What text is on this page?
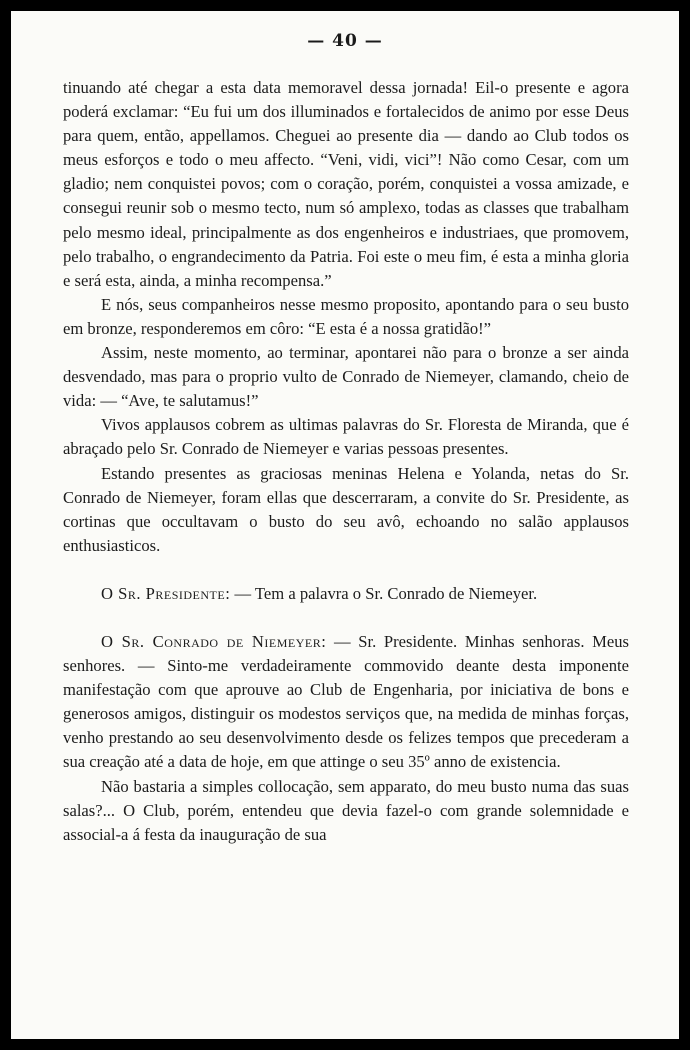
— 40 —

tinuando até chegar a esta data memoravel dessa jornada! Eil-o presente e agora poderá exclamar: “Eu fui um dos illuminados e fortalecidos de animo por esse Deus para quem, então, appellamos. Cheguei ao presente dia — dando ao Club todos os meus esforços e todo o meu affecto. “Veni, vidi, vici”! Não como Cesar, com um gladio; nem conquistei povos; com o coração, porém, conquistei a vossa amizade, e consegui reunir sob o mesmo tecto, num só amplexo, todas as classes que trabalham pelo mesmo ideal, principalmente as dos engenheiros e industriaes, que promovem, pelo trabalho, o engrandecimento da Patria. Foi este o meu fim, é esta a minha gloria e será esta, ainda, a minha recompensa.”

E nós, seus companheiros nesse mesmo proposito, apontando para o seu busto em bronze, responderemos em côro: “E esta é a nossa gratidão!”

Assim, neste momento, ao terminar, apontarei não para o bronze a ser ainda desvendado, mas para o proprio vulto de Conrado de Niemeyer, clamando, cheio de vida: — “Ave, te salutamus!”

Vivos applausos cobrem as ultimas palavras do Sr. Floresta de Miranda, que é abraçado pelo Sr. Conrado de Niemeyer e varias pessoas presentes.

Estando presentes as graciosas meninas Helena e Yolanda, netas do Sr. Conrado de Niemeyer, foram ellas que descerraram, a convite do Sr. Presidente, as cortinas que occultavam o busto do seu avô, echoando no salão applausos enthusiasticos.

O Sr. Presidente: — Tem a palavra o Sr. Conrado de Niemeyer.

O Sr. Conrado de Niemeyer: — Sr. Presidente. Minhas senhoras. Meus senhores. — Sinto-me verdadeiramente commovido deante desta imponente manifestação com que aprouve ao Club de Engenharia, por iniciativa de bons e generosos amigos, distinguir os modestos serviços que, na medida de minhas forças, venho prestando ao seu desenvolvimento desde os felizes tempos que precederam a sua creação até a data de hoje, em que attinge o seu 35º anno de existencia.

Não bastaria a simples collocação, sem apparato, do meu busto numa das suas salas?... O Club, porém, entendeu que devia fazel-o com grande solemnidade e associal-a á festa da inauguração de sua
